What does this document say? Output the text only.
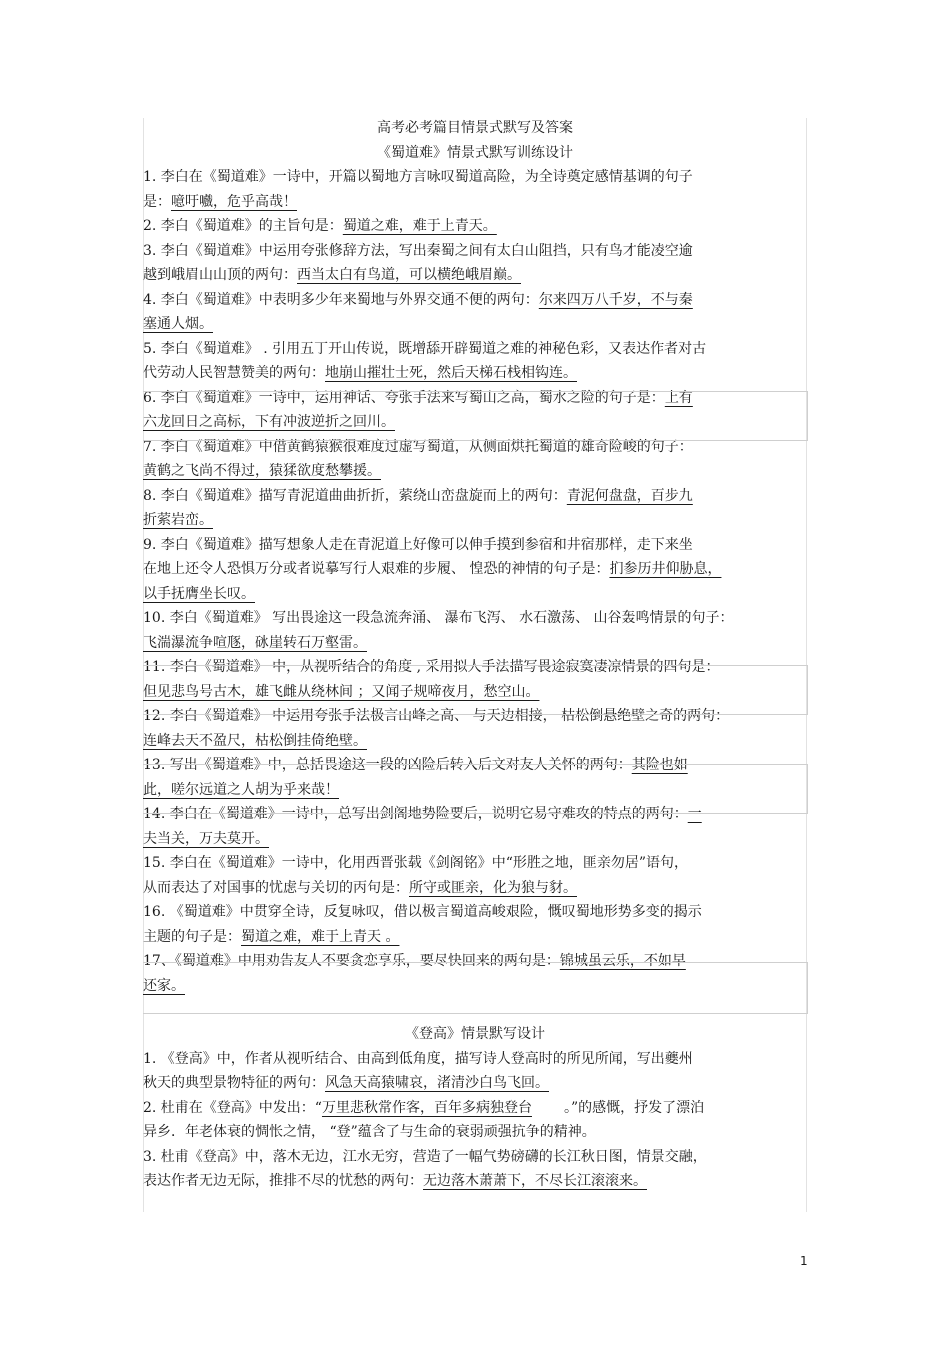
高考必考篇目情景式默写及答案
《蜀道难》情景式默写训练设计
1. 李白在《蜀道难》一诗中，开篇以蜀地方言咏叹蜀道高险，为全诗奠定感情基调的句子
是：噫吁嚱，危乎高哉！
2. 李白《蜀道难》的主旨句是：蜀道之难，难于上青天。
3. 李白《蜀道难》中运用夸张修辞方法，写出秦蜀之间有太白山阻挡，只有鸟才能凌空逾
越到峨眉山山顶的两句：西当太白有鸟道，可以横绝峨眉巅。
4. 李白《蜀道难》中表明多少年来蜀地与外界交通不便的两句：尔来四万八千岁，不与秦
塞通人烟。
5. 李白《蜀道难》 . 引用五丁开山传说，既增舔开辟蜀道之难的神秘色彩，又表达作者对古
代劳动人民智慧赞美的两句：地崩山摧壮士死，然后天梯石栈相钩连。
6. 李白《蜀道难》一诗中，运用神话、夸张手法来写蜀山之高，蜀水之险的句子是：上有
六龙回日之高标，下有冲波逆折之回川。
7. 李白《蜀道难》中借黄鹤猿猴很难度过虚写蜀道，从侧面烘托蜀道的雄奇险峻的句子：
黄鹤之飞尚不得过，猿猱欲度愁攀援。
8. 李白《蜀道难》描写青泥道曲曲折折，萦绕山峦盘旋而上的两句：青泥何盘盘，百步九
折萦岩峦。
9. 李白《蜀道难》描写想象人走在青泥道上好像可以伸手摸到参宿和井宿那样，走下来坐
在地上还令人恐惧万分或者说摹写行人艰难的步履、 惶恐的神情的句子是：扪参历井仰胁息，
以手抚膺坐长叹。
10. 李白《蜀道难》 写出畏途这一段急流奔涌、 瀑布飞泻、 水石激荡、 山谷轰鸣情景的句子：
飞湍瀑流争喧豗，砯崖转石万壑雷。
11. 李白《蜀道难》 中，从视听结合的角度 , 采用拟人手法描写畏途寂寞凄凉情景的四句是：
但见悲鸟号古木，雄飞雌从绕林间 ；又闻子规啼夜月，愁空山。
12. 李白《蜀道难》 中运用夸张手法极言山峰之高、 与天边相接， 枯松倒悬绝壁之奇的两句：
连峰去天不盈尺，枯松倒挂倚绝壁。
13. 写出《蜀道难》中，总括畏途这一段的凶险后转入后文对友人关怀的两句：其险也如
此，嗟尔远道之人胡为乎来哉！
14. 李白在《蜀道难》一诗中，总写出剑阁地势险要后，说明它易守难攻的特点的两句：一
夫当关，万夫莫开。
15. 李白在《蜀道难》一诗中，化用西晋张载《剑阁铭》中“形胜之地，匪亲勿居”语句，
从而表达了对国事的忧虑与关切的丙句是：所守或匪亲，化为狼与豺。
16. 《蜀道难》中贯穿全诗，反复咏叹，借以极言蜀道高峻艰险，慨叹蜀地形势多变的揭示
主题的句子是：蜀道之难，难于上青天 。
17、《蜀道难》中用劝告友人不要贪恋享乐，要尽快回来的两句是：锦城虽云乐，不如早
还家。
《登高》情景默写设计
1. 《登高》中，作者从视听结合、由高到低角度，描写诗人登高时的所见所闻，写出夔州
秋天的典型景物特征的两句：风急天高猿啸哀，渚清沙白鸟飞回。
2. 杜甫在《登高》中发出：“万里悲秋常作客，百年多病独登台 。”的感慨，抒发了漂泊
异乡．年老体衰的惆怅之情， “登”蕴含了与生命的衰弱顽强抗争的精神。
3. 杜甫《登高》中，落木无边，江水无穷，营造了一幅气势磅礴的长江秋日图，情景交融，
表达作者无边无际，推排不尽的忧愁的两句：无边落木萧萧下，不尽长江滚滚来。
1
